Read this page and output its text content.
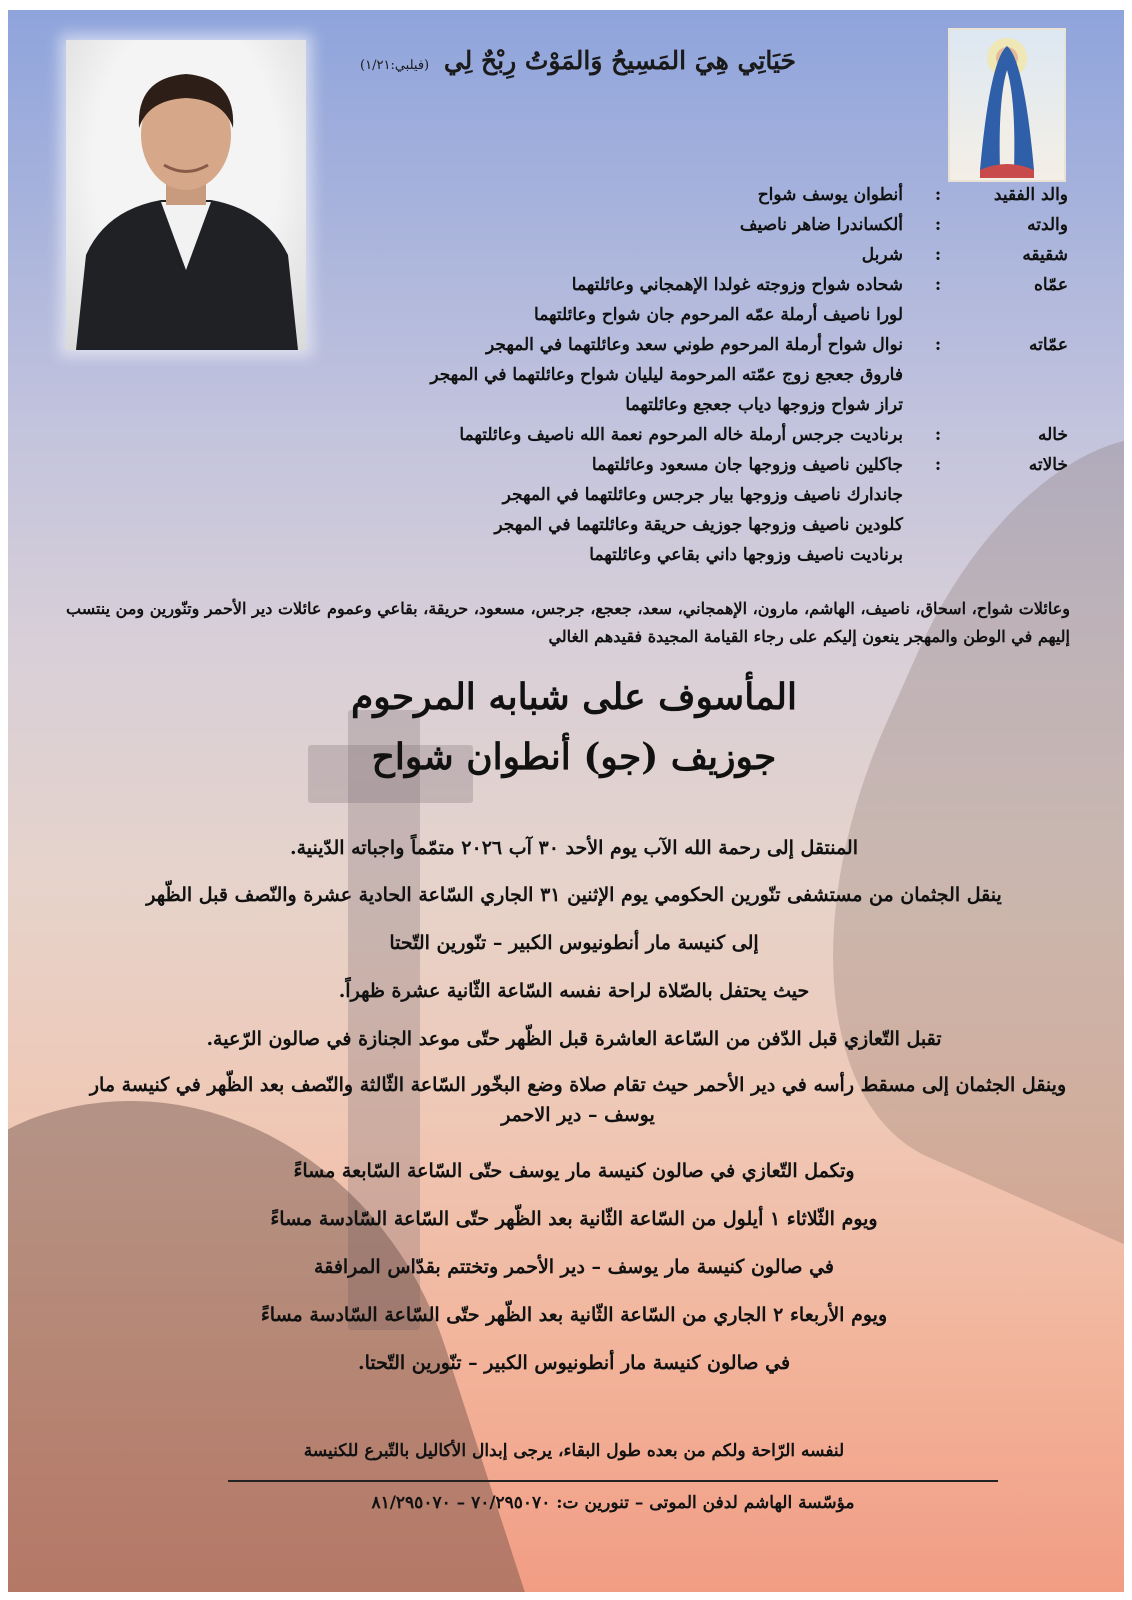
حَيَاتِي هِيَ المَسِيحُ وَالمَوْتُ رِبْحٌ لِي (فيلبي:١/٢١)
والد الفقيد	:	أنطوان يوسف شواح
والدته	:	ألكساندرا ضاهر ناصيف
شقيقه	:	شربل
عمّاه	:	شحاده شواح وزوجته غولدا الإهمجاني وعائلتهما
		لورا ناصيف أرملة عمّه المرحوم جان شواح وعائلتهما
عمّاته	:	نوال شواح أرملة المرحوم طوني سعد وعائلتهما في المهجر
		فاروق جعجع زوج عمّته المرحومة ليليان شواح وعائلتهما في المهجر
		تراز شواح وزوجها دياب جعجع وعائلتهما
خاله	:	برناديت جرجس أرملة خاله المرحوم نعمة الله ناصيف وعائلتهما
خالاته	:	جاكلين ناصيف وزوجها جان مسعود وعائلتهما
		جاندارك ناصيف وزوجها بيار جرجس وعائلتهما في المهجر
		كلودين ناصيف وزوجها جوزيف حريقة وعائلتهما في المهجر
		برناديت ناصيف وزوجها داني بقاعي وعائلتهما
وعائلات شواح، اسحاق، ناصيف، الهاشم، مارون، الإهمجاني، سعد، جعجع، جرجس، مسعود، حريقة، بقاعي وعموم عائلات دير الأحمر وتنّورين ومن ينتسب إليهم في الوطن والمهجر ينعون إليكم على رجاء القيامة المجيدة فقيدهم الغالي
المأسوف على شبابه المرحوم
جوزيف (جو) أنطوان شواح
المنتقل إلى رحمة الله الآب يوم الأحد ٣٠ آب ٢٠٢٦ متمّماً واجباته الدّينية.
ينقل الجثمان من مستشفى تنّورين الحكومي يوم الإثنين ٣١ الجاري السّاعة الحادية عشرة والنّصف قبل الظّهر
إلى كنيسة مار أنطونيوس الكبير – تنّورين التّحتا
حيث يحتفل بالصّلاة لراحة نفسه السّاعة الثّانية عشرة ظهراً.
تقبل التّعازي قبل الدّفن من السّاعة العاشرة قبل الظّهر حتّى موعد الجنازة في صالون الرّعية.
وينقل الجثمان إلى مسقط رأسه في دير الأحمر حيث تقام صلاة وضع البخّور السّاعة الثّالثة والنّصف بعد الظّهر في كنيسة مار يوسف – دير الاحمر
وتكمل التّعازي في صالون كنيسة مار يوسف حتّى السّاعة السّابعة مساءً
ويوم الثّلاثاء ١ أيلول من السّاعة الثّانية بعد الظّهر حتّى السّاعة السّادسة مساءً
في صالون كنيسة مار يوسف – دير الأحمر وتختتم بقدّاس المرافقة
ويوم الأربعاء ٢ الجاري من السّاعة الثّانية بعد الظّهر حتّى السّاعة السّادسة مساءً
في صالون كنيسة مار أنطونيوس الكبير – تنّورين التّحتا.
لنفسه الرّاحة ولكم من بعده طول البقاء، يرجى إبدال الأكاليل بالتّبرع للكنيسة
مؤسّسة الهاشم لدفن الموتى – تنورين ت: ٧٠/٢٩٥٠٧٠ – ٨١/٢٩٥٠٧٠
